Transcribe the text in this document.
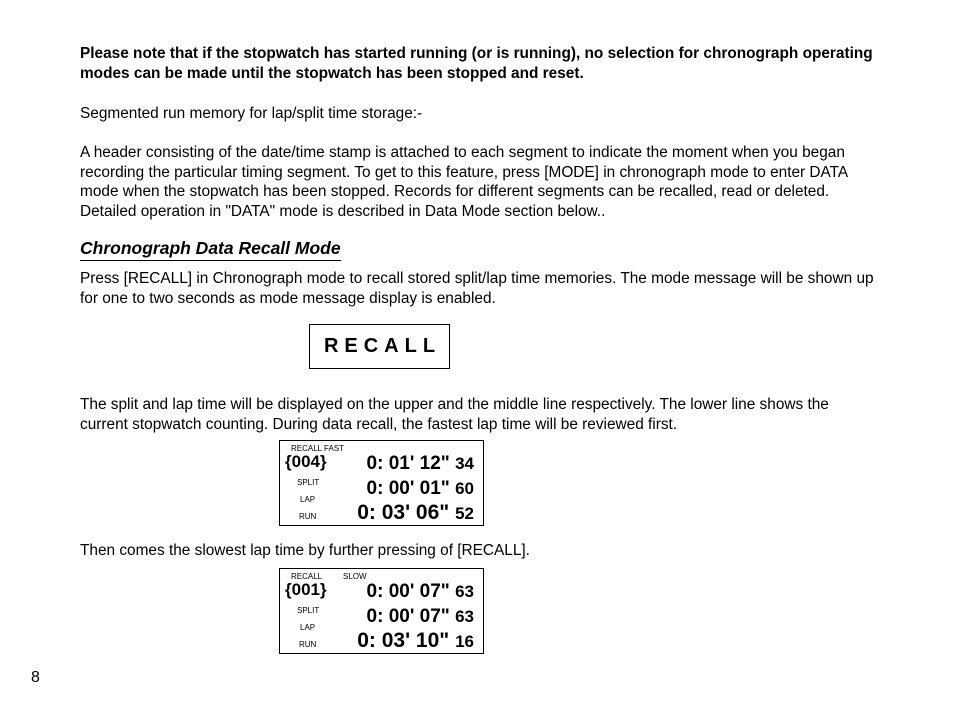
Please note that if the stopwatch has started running (or is running), no selection for chronograph operating modes can be made until the stopwatch has been stopped and reset.

Segmented run memory for lap/split time storage:-

A header consisting of the date/time stamp is attached to each segment to indicate the moment when you began recording the particular timing segment. To get to this feature, press [MODE] in chronograph mode to enter DATA mode when the stopwatch has been stopped. Records for different segments can be recalled, read or deleted. Detailed operation in "DATA" mode is described in Data Mode section below..

Chronograph Data Recall Mode

Press [RECALL] in Chronograph mode to recall stored split/lap time memories. The mode message will be shown up for one to two seconds as mode message display is enabled.

RECALL

The split and lap time will be displayed on the upper and the middle line respectively. The lower line shows the current stopwatch counting. During data recall, the fastest lap time will be reviewed first.

RECALL FAST
{004}
SPLIT
LAP
RUN
0: 01' 12" 34
0: 00' 01" 60
0: 03' 06" 52

Then comes the slowest lap time by further pressing of [RECALL].

RECALL	SLOW
{001}
SPLIT
LAP
RUN
0: 00' 07" 63
0: 00' 07" 63
0: 03' 10" 16
8
